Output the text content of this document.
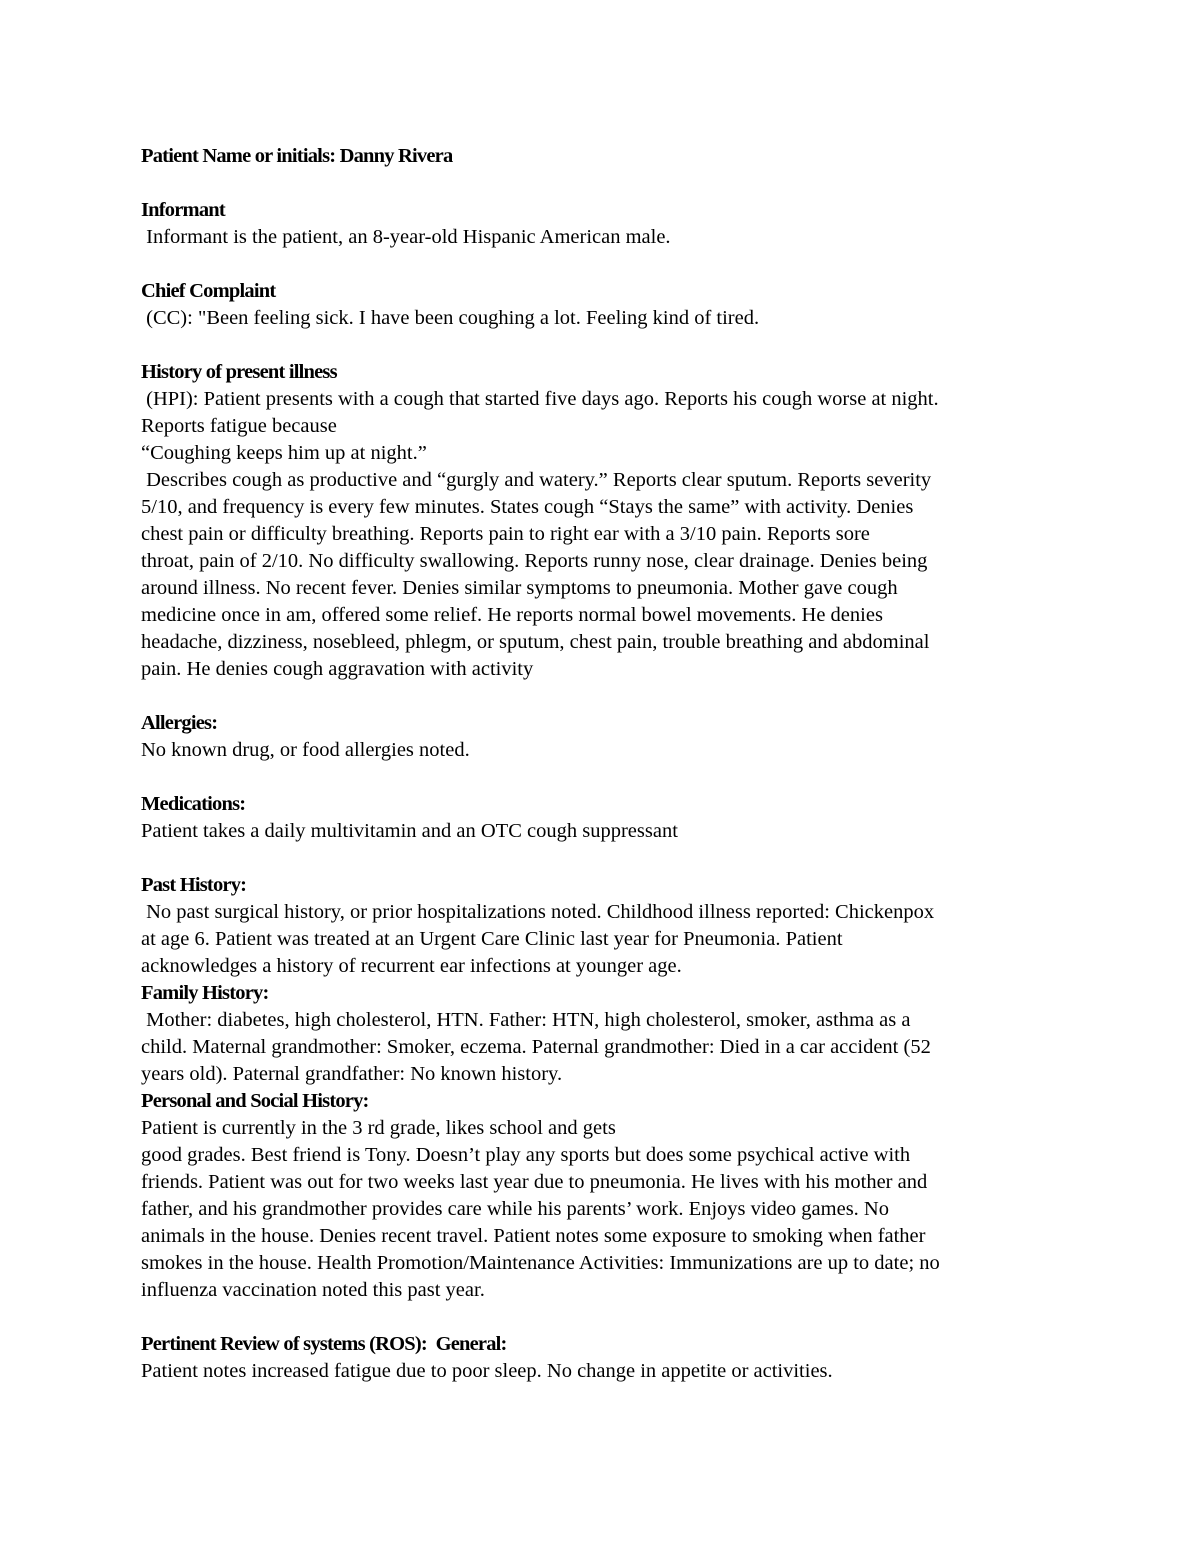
Patient Name or initials: Danny Rivera
Informant
Informant is the patient, an 8-year-old Hispanic American male.
Chief Complaint
(CC): "Been feeling sick. I have been coughing a lot. Feeling kind of tired.
History of present illness
(HPI): Patient presents with a cough that started five days ago. Reports his cough worse at night.
Reports fatigue because
“Coughing keeps him up at night.”
Describes cough as productive and “gurgly and watery.” Reports clear sputum. Reports severity
5/10, and frequency is every few minutes. States cough “Stays the same” with activity. Denies
chest pain or difficulty breathing. Reports pain to right ear with a 3/10 pain. Reports sore
throat, pain of 2/10. No difficulty swallowing. Reports runny nose, clear drainage. Denies being
around illness. No recent fever. Denies similar symptoms to pneumonia. Mother gave cough
medicine once in am, offered some relief. He reports normal bowel movements. He denies
headache, dizziness, nosebleed, phlegm, or sputum, chest pain, trouble breathing and abdominal
pain. He denies cough aggravation with activity
Allergies:
No known drug, or food allergies noted.
Medications:
Patient takes a daily multivitamin and an OTC cough suppressant
Past History:
No past surgical history, or prior hospitalizations noted. Childhood illness reported: Chickenpox
at age 6. Patient was treated at an Urgent Care Clinic last year for Pneumonia. Patient
acknowledges a history of recurrent ear infections at younger age.
Family History:
Mother: diabetes, high cholesterol, HTN. Father: HTN, high cholesterol, smoker, asthma as a
child. Maternal grandmother: Smoker, eczema. Paternal grandmother: Died in a car accident (52
years old). Paternal grandfather: No known history.
Personal and Social History:
Patient is currently in the 3 rd grade, likes school and gets
good grades. Best friend is Tony. Doesn’t play any sports but does some psychical active with
friends. Patient was out for two weeks last year due to pneumonia. He lives with his mother and
father, and his grandmother provides care while his parents’ work. Enjoys video games. No
animals in the house. Denies recent travel. Patient notes some exposure to smoking when father
smokes in the house. Health Promotion/Maintenance Activities: Immunizations are up to date; no
influenza vaccination noted this past year.
Pertinent Review of systems (ROS):  General:
Patient notes increased fatigue due to poor sleep. No change in appetite or activities.
